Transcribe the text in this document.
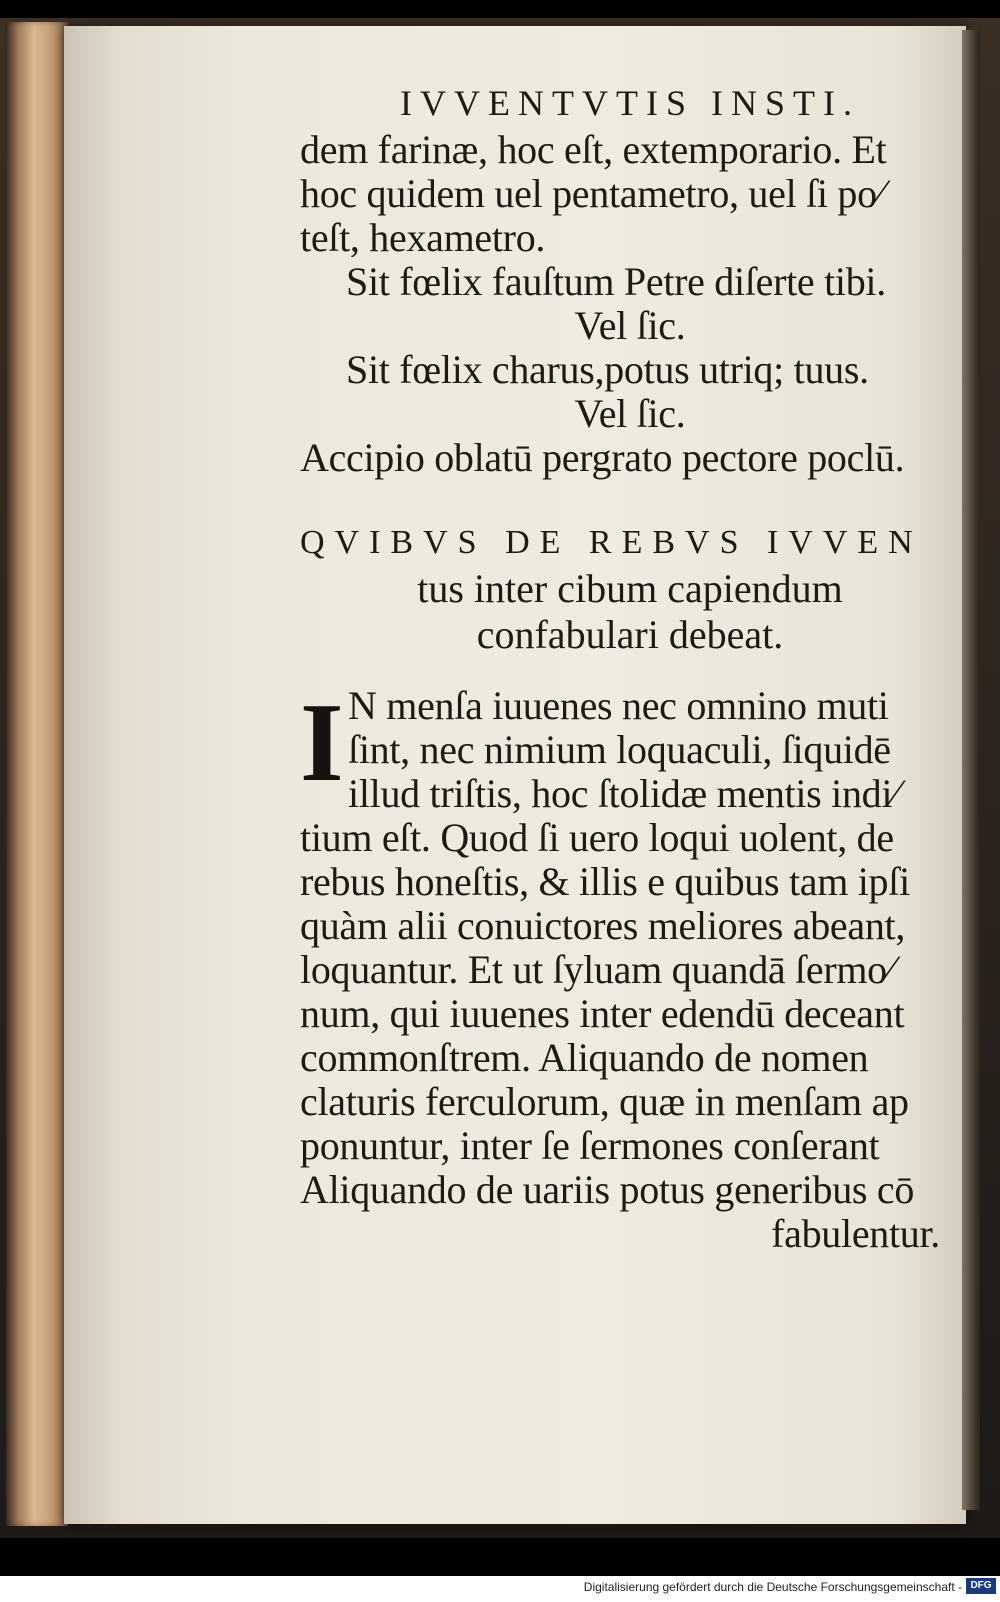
IVVENTVTIS INSTI.
dem farinæ, hoc eſt, extemporario. Et
hoc quidem uel pentametro, uel ſi po⁄
teſt, hexametro.
Sit fœlix fauſtum Petre diſerte tibi.
Vel ſic.
Sit fœlix charus,potus utriq; tuus.
Vel ſic.
Accipio oblatū pergrato pectore poclū.
QVIBVS DE REBVS IVVEN
tus inter cibum capiendum
confabulari debeat.
I N menſa iuuenes nec omnino muti
ſint, nec nimium loquaculi, ſiquidē
illud triſtis, hoc ſtolidæ mentis indi⁄
tium eſt. Quod ſi uero loqui uolent, de
rebus honeſtis, & illis e quibus tam ipſi
quàm alii conuictores meliores abeant,
loquantur. Et ut ſyluam quandā ſermo⁄
num, qui iuuenes inter edendū deceant
commonſtrem. Aliquando de nomen
claturis ferculorum, quæ in menſam ap
ponuntur, inter ſe ſermones conſerant
Aliquando de uariis potus generibus cō
fabulentur.
Digitalisierung gefördert durch die Deutsche Forschungsgemeinschaft - DFG
